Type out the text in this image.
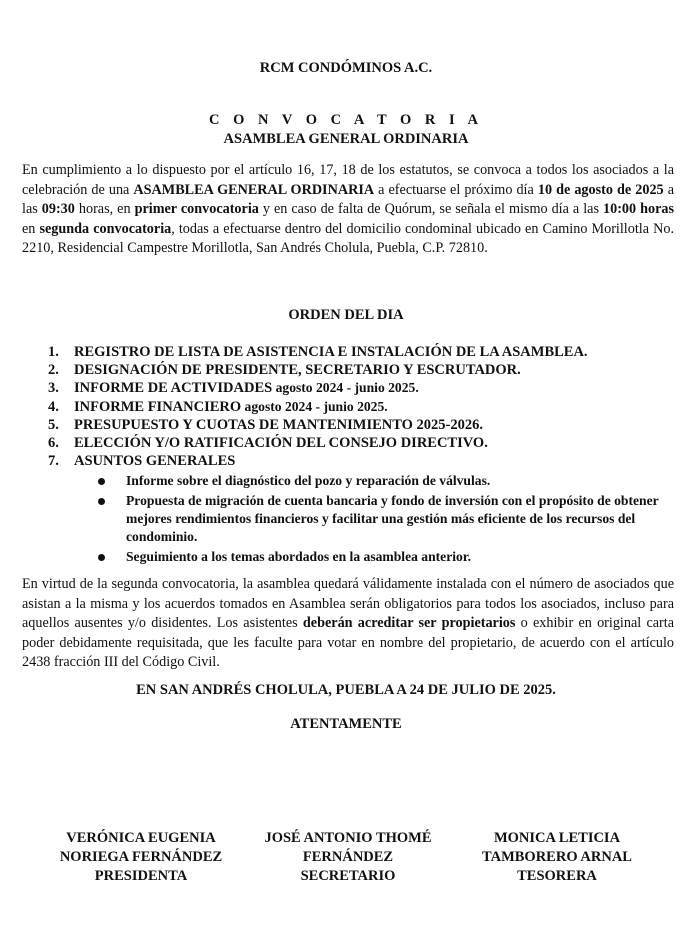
RCM CONDÓMINOS A.C.
C O N V O C A T O R I A
ASAMBLEA GENERAL ORDINARIA

En cumplimiento a lo dispuesto por el artículo 16, 17, 18 de los estatutos, se convoca a todos los asociados a la celebración de una ASAMBLEA GENERAL ORDINARIA a efectuarse el próximo día 10 de agosto de 2025 a las 09:30 horas, en primer convocatoria y en caso de falta de Quórum, se señala el mismo día a las 10:00 horas en segunda convocatoria, todas a efectuarse dentro del domicilio condominal ubicado en Camino Morillotla No. 2210, Residencial Campestre Morillotla, San Andrés Cholula, Puebla, C.P. 72810.

ORDEN DEL DIA
1. REGISTRO DE LISTA DE ASISTENCIA E INSTALACIÓN DE LA ASAMBLEA.
2. DESIGNACIÓN DE PRESIDENTE, SECRETARIO Y ESCRUTADOR.
3. INFORME DE ACTIVIDADES agosto 2024 - junio 2025.
4. INFORME FINANCIERO agosto 2024 - junio 2025.
5. PRESUPUESTO Y CUOTAS DE MANTENIMIENTO 2025-2026.
6. ELECCIÓN Y/O RATIFICACIÓN DEL CONSEJO DIRECTIVO.
7. ASUNTOS GENERALES
Informe sobre el diagnóstico del pozo y reparación de válvulas.
Propuesta de migración de cuenta bancaria y fondo de inversión con el propósito de obtener mejores rendimientos financieros y facilitar una gestión más eficiente de los recursos del condominio.
Seguimiento a los temas abordados en la asamblea anterior.

En virtud de la segunda convocatoria, la asamblea quedará válidamente instalada con el número de asociados que asistan a la misma y los acuerdos tomados en Asamblea serán obligatorios para todos los asociados, incluso para aquellos ausentes y/o disidentes. Los asistentes deberán acreditar ser propietarios o exhibir en original carta poder debidamente requisitada, que les faculte para votar en nombre del propietario, de acuerdo con el artículo 2438 fracción III del Código Civil.

EN SAN ANDRÉS CHOLULA, PUEBLA A 24 DE JULIO DE 2025.
ATENTAMENTE
VERÓNICA EUGENIA
NORIEGA FERNÁNDEZ
PRESIDENTA
JOSÉ ANTONIO THOMÉ
FERNÁNDEZ
SECRETARIO
MONICA LETICIA
TAMBORERO ARNAL
TESORERA
